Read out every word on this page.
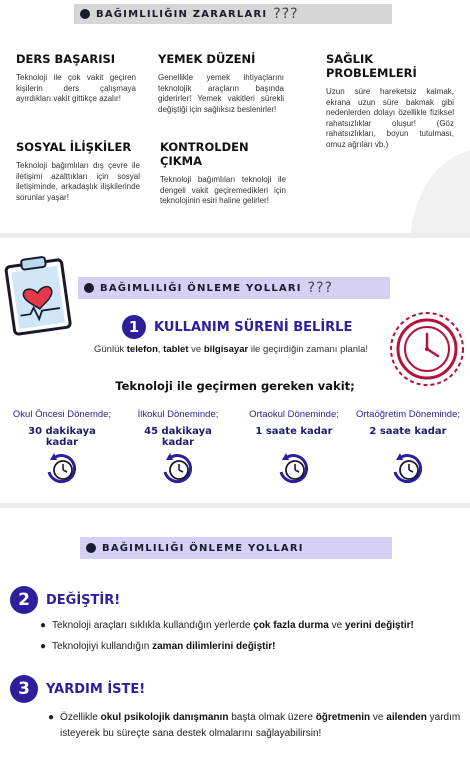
BAĞIMLILIĞIN ZARARLARI ???
DERS BAŞARISI

Teknoloji ile çok vakit geçiren kişilerin ders çalışmaya ayırdıkları vakit gittikçe azalır!

YEMEK DÜZENİ

Genellikle yemek ihtiyaçlarını teknolojik araçların başında giderirler! Yemek vakitleri sürekli değiştiği için sağlıksız beslenirler!

SAĞLIK PROBLEMLERİ

Uzun süre hareketsiz kalmak, ekrana uzun süre bakmak gibi nedenlerden dolayı özellikle fiziksel rahatsızlıklar oluşur! (Göz rahatsızlıkları, boyun tutulması, omuz ağrıları vb.)

SOSYAL İLİŞKİLER

Teknoloji bağımlıları dış çevre ile iletişimi azalttıkları için sosyal iletişiminde, arkadaşlık ilişkilerinde sorunlar yaşar!

KONTROLDEN ÇIKMA

Teknoloji bağımlıları teknoloji ile dengeli vakit geçiremedikleri için teknolojinin esiri haline gelirler!

BAĞIMLILIĞI ÖNLEME YOLLARI ???
1	KULLANIM SÜRENİ BELİRLE
Günlük telefon, tablet ve bilgisayar ile geçirdiğin zamanı planla!
Teknoloji ile geçirmen gereken vakit;
Okul Öncesi Dönemde;
30 dakikaya
kadar
İlkokul Döneminde;
45 dakikaya
kadar
Ortaokul Döneminde;
1 saate kadar
Ortaöğretim Döneminde;
2 saate kadar
BAĞIMLILIĞI ÖNLEME YOLLARI
2	DEĞİŞTİR!
● Teknoloji araçları sıklıkla kullandığın yerlerde çok fazla durma ve yerini değiştir!
● Teknolojiyi kullandığın zaman dilimlerini değiştir!
3	YARDIM İSTE!
● Özellikle okul psikolojik danışmanın başta olmak üzere öğretmenin ve ailenden yardım isteyerek bu süreçte sana destek olmalarını sağlayabilirsin!
